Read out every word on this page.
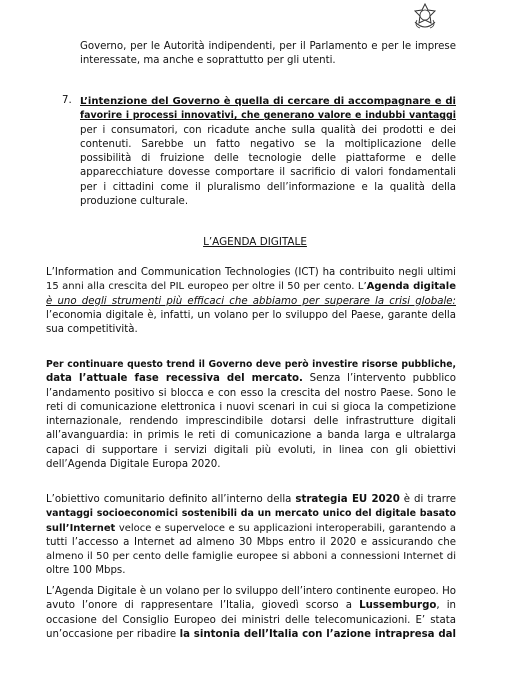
Governo, per le Autorità indipendenti, per il Parlamento e per le imprese
interessate, ma anche e soprattutto per gli utenti.
7. L’intenzione del Governo è quella di cercare di accompagnare e di
favorire i processi innovativi, che generano valore e indubbi vantaggi
per i consumatori, con ricadute anche sulla qualità dei prodotti e dei
contenuti. Sarebbe un fatto negativo se la moltiplicazione delle
possibilità di fruizione delle tecnologie delle piattaforme e delle
apparecchiature dovesse comportare il sacrificio di valori fondamentali
per i cittadini come il pluralismo dell’informazione e la qualità della
produzione culturale.
L’AGENDA DIGITALE
L’Information and Communication Technologies (ICT) ha contribuito negli ultimi
15 anni alla crescita del PIL europeo per oltre il 50 per cento. L’Agenda digitale
è uno degli strumenti più efficaci che abbiamo per superare la crisi globale:
l’economia digitale è, infatti, un volano per lo sviluppo del Paese, garante della
sua competitività.
Per continuare questo trend il Governo deve però investire risorse pubbliche,
data l’attuale fase recessiva del mercato. Senza l’intervento pubblico
l’andamento positivo si blocca e con esso la crescita del nostro Paese. Sono le
reti di comunicazione elettronica i nuovi scenari in cui si gioca la competizione
internazionale, rendendo imprescindibile dotarsi delle infrastrutture digitali
all’avanguardia: in primis le reti di comunicazione a banda larga e ultralarga
capaci di supportare i servizi digitali più evoluti, in linea con gli obiettivi
dell’Agenda Digitale Europa 2020.
L’obiettivo comunitario definito all’interno della strategia EU 2020 è di trarre
vantaggi socioeconomici sostenibili da un mercato unico del digitale basato
sull’Internet veloce e superveloce e su applicazioni interoperabili, garantendo a
tutti l’accesso a Internet ad almeno 30 Mbps entro il 2020 e assicurando che
almeno il 50 per cento delle famiglie europee si abboni a connessioni Internet di
oltre 100 Mbps.
L’Agenda Digitale è un volano per lo sviluppo dell’intero continente europeo. Ho
avuto l’onore di rappresentare l’Italia, giovedì scorso a Lussemburgo, in
occasione del Consiglio Europeo dei ministri delle telecomunicazioni. E’ stata
un’occasione per ribadire la sintonia dell’Italia con l’azione intrapresa dal
